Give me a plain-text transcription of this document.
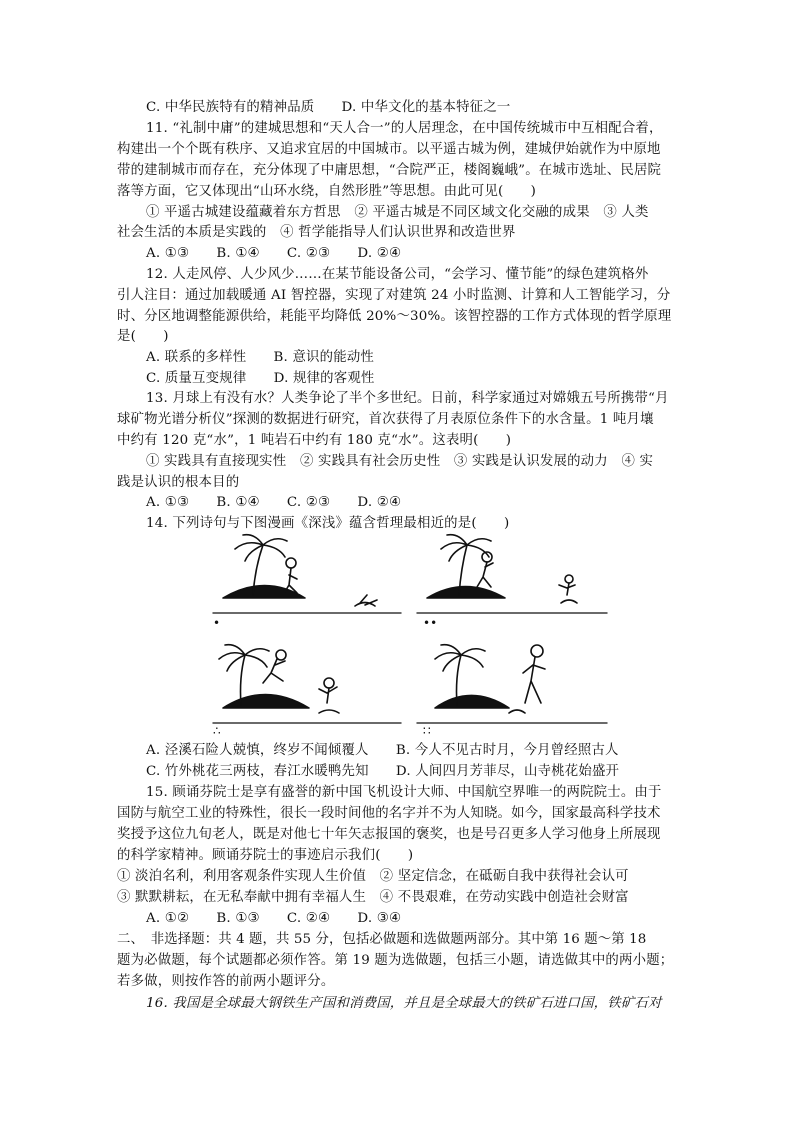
C. 中华民族特有的精神品质　　D. 中华文化的基本特征之一
11. “礼制中庸”的建城思想和“天人合一”的人居理念，在中国传统城市中互相配合着，
构建出一个个既有秩序、又追求宜居的中国城市。以平遥古城为例，建城伊始就作为中原地
带的建制城市而存在，充分体现了中庸思想，“合院严正，楼阁巍峨”。在城市选址、民居院
落等方面，它又体现出“山环水绕，自然形胜”等思想。由此可见(　　)
① 平遥古城建设蕴藏着东方哲思　② 平遥古城是不同区域文化交融的成果　③ 人类
社会生活的本质是实践的　④ 哲学能指导人们认识世界和改造世界
A. ①③　　B. ①④　　C. ②③　　D. ②④
12. 人走风停、人少风少……在某节能设备公司，“会学习、懂节能”的绿色建筑格外
引人注目：通过加载暖通 AI 智控器，实现了对建筑 24 小时监测、计算和人工智能学习，分
时、分区地调整能源供给，耗能平均降低 20%～30%。该智控器的工作方式体现的哲学原理
是(　　)
A. 联系的多样性　　B. 意识的能动性
C. 质量互变规律　　D. 规律的客观性
13. 月球上有没有水？人类争论了半个多世纪。日前，科学家通过对嫦娥五号所携带“月
球矿物光谱分析仪”探测的数据进行研究，首次获得了月表原位条件下的水含量。1 吨月壤
中约有 120 克“水”，1 吨岩石中约有 180 克“水”。这表明(　　)
① 实践具有直接现实性　② 实践具有社会历史性　③ 实践是认识发展的动力　④ 实
践是认识的根本目的
A. ①③　　B. ①④　　C. ②③　　D. ②④
14. 下列诗句与下图漫画《深浅》蕴含哲理最相近的是(　　)
•	••
∴	∷
A. 泾溪石险人兢慎，终岁不闻倾覆人　　B. 今人不见古时月，今月曾经照古人
C. 竹外桃花三两枝，春江水暖鸭先知　　D. 人间四月芳菲尽，山寺桃花始盛开
15. 顾诵芬院士是享有盛誉的新中国飞机设计大师、中国航空界唯一的两院院士。由于
国防与航空工业的特殊性，很长一段时间他的名字并不为人知晓。如今，国家最高科学技术
奖授予这位九旬老人，既是对他七十年矢志报国的褒奖，也是号召更多人学习他身上所展现
的科学家精神。顾诵芬院士的事迹启示我们(　　)
① 淡泊名利，利用客观条件实现人生价值　② 坚定信念，在砥砺自我中获得社会认可
③ 默默耕耘，在无私奉献中拥有幸福人生　④ 不畏艰难，在劳动实践中创造社会财富
A. ①②　　B. ①③　　C. ②④　　D. ③④
二、　非选择题：共 4 题，共 55 分，包括必做题和选做题两部分。其中第 16 题～第 18
题为必做题，每个试题都必须作答。第 19 题为选做题，包括三小题，请选做其中的两小题；
若多做，则按作答的前两小题评分。
16. 我国是全球最大钢铁生产国和消费国，并且是全球最大的铁矿石进口国，铁矿石对
